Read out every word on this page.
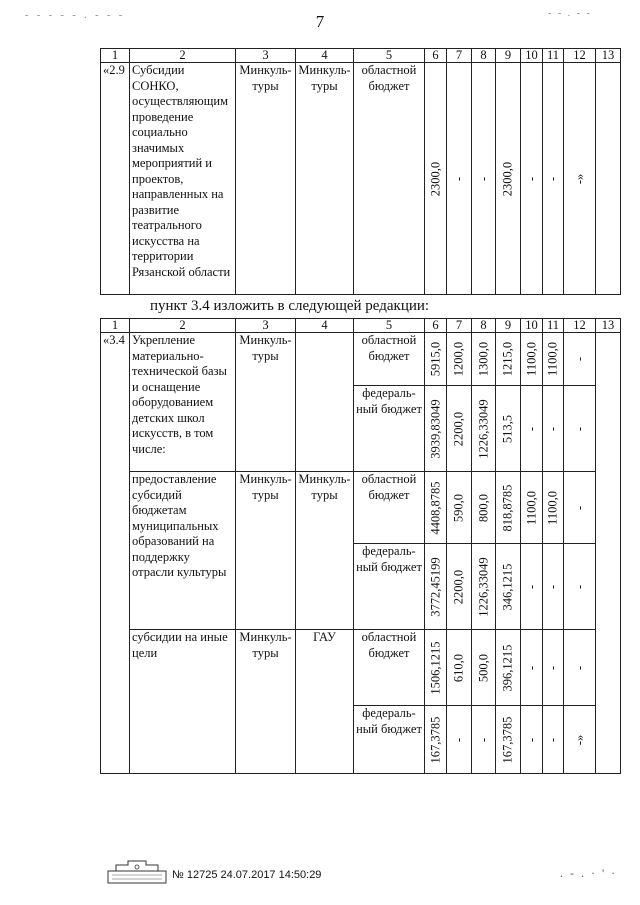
- - - - - . - - -	- - . - -
7
1	2	3	4	5	6	7	8	9	10	11	12	13
«2.9	Субсидии СОНКО, осуществляющим проведение социально значимых мероприятий и проектов, направленных на развитие театрального искусства на территории Рязанской области	Минкуль-туры	Минкуль-туры	областной бюджет	2300,0	-	-	2300,0	-	-	-»	

пункт 3.4 изложить в следующей редакции:
1	2	3	4	5	6	7	8	9	10	11	12	13
«3.4	Укрепление материально-технической базы и оснащение оборудованием детских школ искусств, в том числе:	Минкуль-туры		областной бюджет	5915,0	1200,0	1300,0	1215,0	1100,0	1100,0	-	

				федераль-ный бюджет	3939,83049	2200,0	1226,33049	513,5	-	-	-	

	предоставление субсидий бюджетам муниципальных образований на поддержку отрасли культуры	Минкуль-туры	Минкуль-туры	областной бюджет	4408,8785	590,0	800,0	818,8785	1100,0	1100,0	-	

				федераль-ный бюджет	3772,45199	2200,0	1226,33049	346,1215	-	-	-	

	субсидии на иные цели	Минкуль-туры	ГАУ	областной бюджет	1506,1215	610,0	500,0	396,1215	-	-	-	

				федераль-ный бюджет	167,3785	-	-	167,3785	-	-	-»	
№ 12725 24.07.2017 14:50:29	. - . · ' ·
